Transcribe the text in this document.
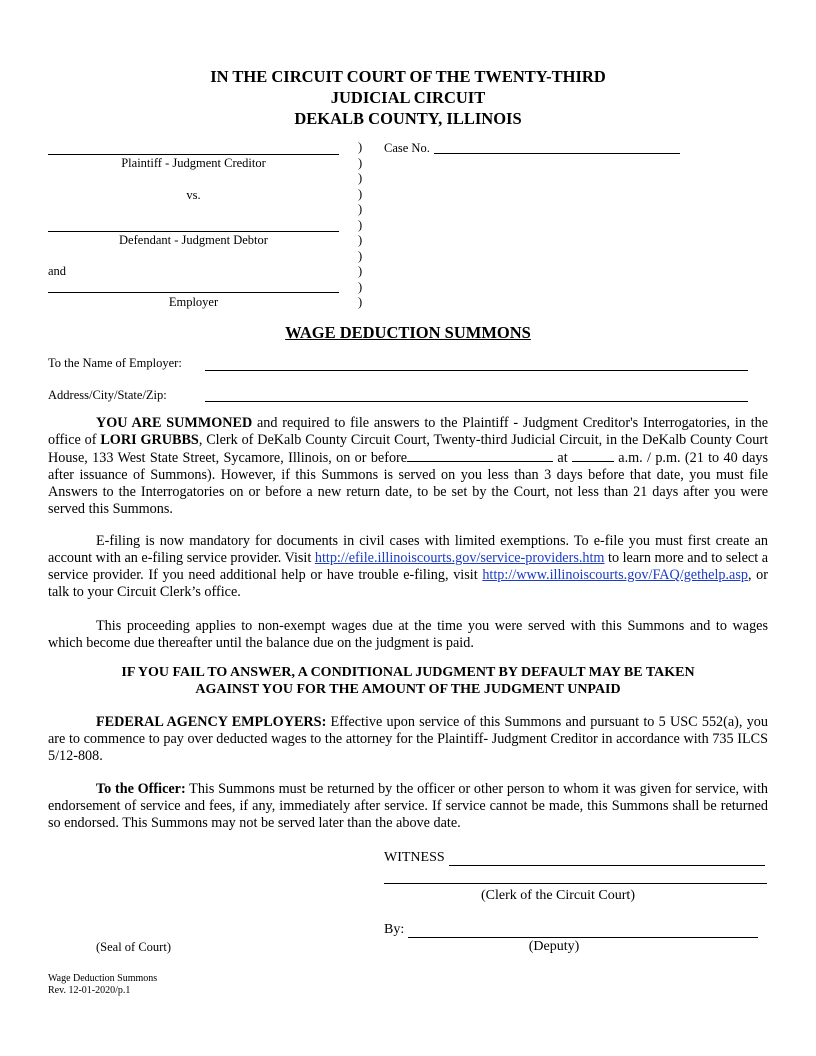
IN THE CIRCUIT COURT OF THE TWENTY-THIRD
JUDICIAL CIRCUIT
DEKALB COUNTY, ILLINOIS
Plaintiff - Judgment Creditor
vs.
Defendant - Judgment Debtor
and
Employer
)
)
)
)
)
)
)
)
)
)
)
Case No.
WAGE DEDUCTION SUMMONS
To the Name of Employer:
Address/City/State/Zip:
YOU ARE SUMMONED and required to file answers to the Plaintiff - Judgment Creditor's Interrogatories, in the office of LORI GRUBBS, Clerk of DeKalb County Circuit Court, Twenty-third Judicial Circuit, in the DeKalb County Court House, 133 West State Street, Sycamore, Illinois, on or before	at	a.m. / p.m. (21 to 40 days after issuance of Summons). However, if this Summons is served on you less than 3 days before that date, you must file Answers to the Interrogatories on or before a new return date, to be set by the Court, not less than 21 days after you were served this Summons.
E-filing is now mandatory for documents in civil cases with limited exemptions. To e-file you must first create an account with an e-filing service provider. Visit http://efile.illinoiscourts.gov/service-providers.htm to learn more and to select a service provider. If you need additional help or have trouble e-filing, visit http://www.illinoiscourts.gov/FAQ/gethelp.asp, or talk to your Circuit Clerk’s office.
This proceeding applies to non-exempt wages due at the time you were served with this Summons and to wages which become due thereafter until the balance due on the judgment is paid.
IF YOU FAIL TO ANSWER, A CONDITIONAL JUDGMENT BY DEFAULT MAY BE TAKEN
AGAINST YOU FOR THE AMOUNT OF THE JUDGMENT UNPAID
FEDERAL AGENCY EMPLOYERS: Effective upon service of this Summons and pursuant to 5 USC 552(a), you are to commence to pay over deducted wages to the attorney for the Plaintiff- Judgment Creditor in accordance with 735 ILCS 5/12-808.
To the Officer: This Summons must be returned by the officer or other person to whom it was given for service, with endorsement of service and fees, if any, immediately after service. If service cannot be made, this Summons shall be returned so endorsed. This Summons may not be served later than the above date.
WITNESS
(Clerk of the Circuit Court)
By:
(Deputy)
(Seal of Court)
Wage Deduction Summons
Rev. 12-01-2020/p.1
